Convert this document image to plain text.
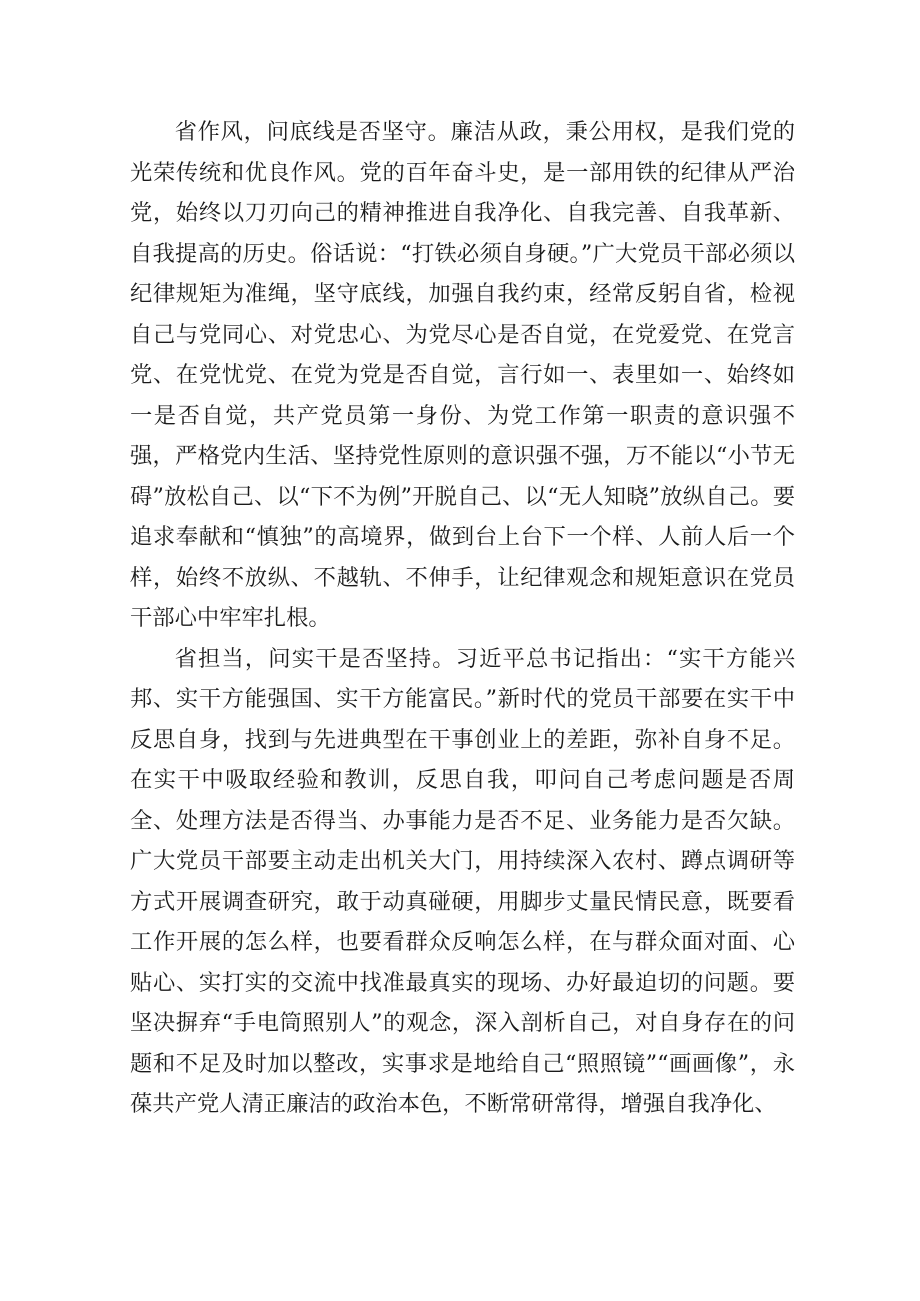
省作风，问底线是否坚守。廉洁从政，秉公用权，是我们党的光荣传统和优良作风。党的百年奋斗史，是一部用铁的纪律从严治党，始终以刀刃向己的精神推进自我净化、自我完善、自我革新、自我提高的历史。俗话说：“打铁必须自身硬。”广大党员干部必须以纪律规矩为准绳，坚守底线，加强自我约束，经常反躬自省，检视自己与党同心、对党忠心、为党尽心是否自觉，在党爱党、在党言党、在党忧党、在党为党是否自觉，言行如一、表里如一、始终如一是否自觉，共产党员第一身份、为党工作第一职责的意识强不强，严格党内生活、坚持党性原则的意识强不强，万不能以“小节无碍”放松自己、以“下不为例”开脱自己、以“无人知晓”放纵自己。要追求奉献和“慎独”的高境界，做到台上台下一个样、人前人后一个样，始终不放纵、不越轨、不伸手，让纪律观念和规矩意识在党员干部心中牢牢扎根。

省担当，问实干是否坚持。习近平总书记指出：“实干方能兴邦、实干方能强国、实干方能富民。”新时代的党员干部要在实干中反思自身，找到与先进典型在干事创业上的差距，弥补自身不足。在实干中吸取经验和教训，反思自我，叩问自己考虑问题是否周全、处理方法是否得当、办事能力是否不足、业务能力是否欠缺。广大党员干部要主动走出机关大门，用持续深入农村、蹲点调研等方式开展调查研究，敢于动真碰硬，用脚步丈量民情民意，既要看工作开展的怎么样，也要看群众反响怎么样，在与群众面对面、心贴心、实打实的交流中找准最真实的现场、办好最迫切的问题。要坚决摒弃“手电筒照别人”的观念，深入剖析自己，对自身存在的问题和不足及时加以整改，实事求是地给自己“照照镜”“画画像”，永葆共产党人清正廉洁的政治本色，不断常研常得，增强自我净化、
